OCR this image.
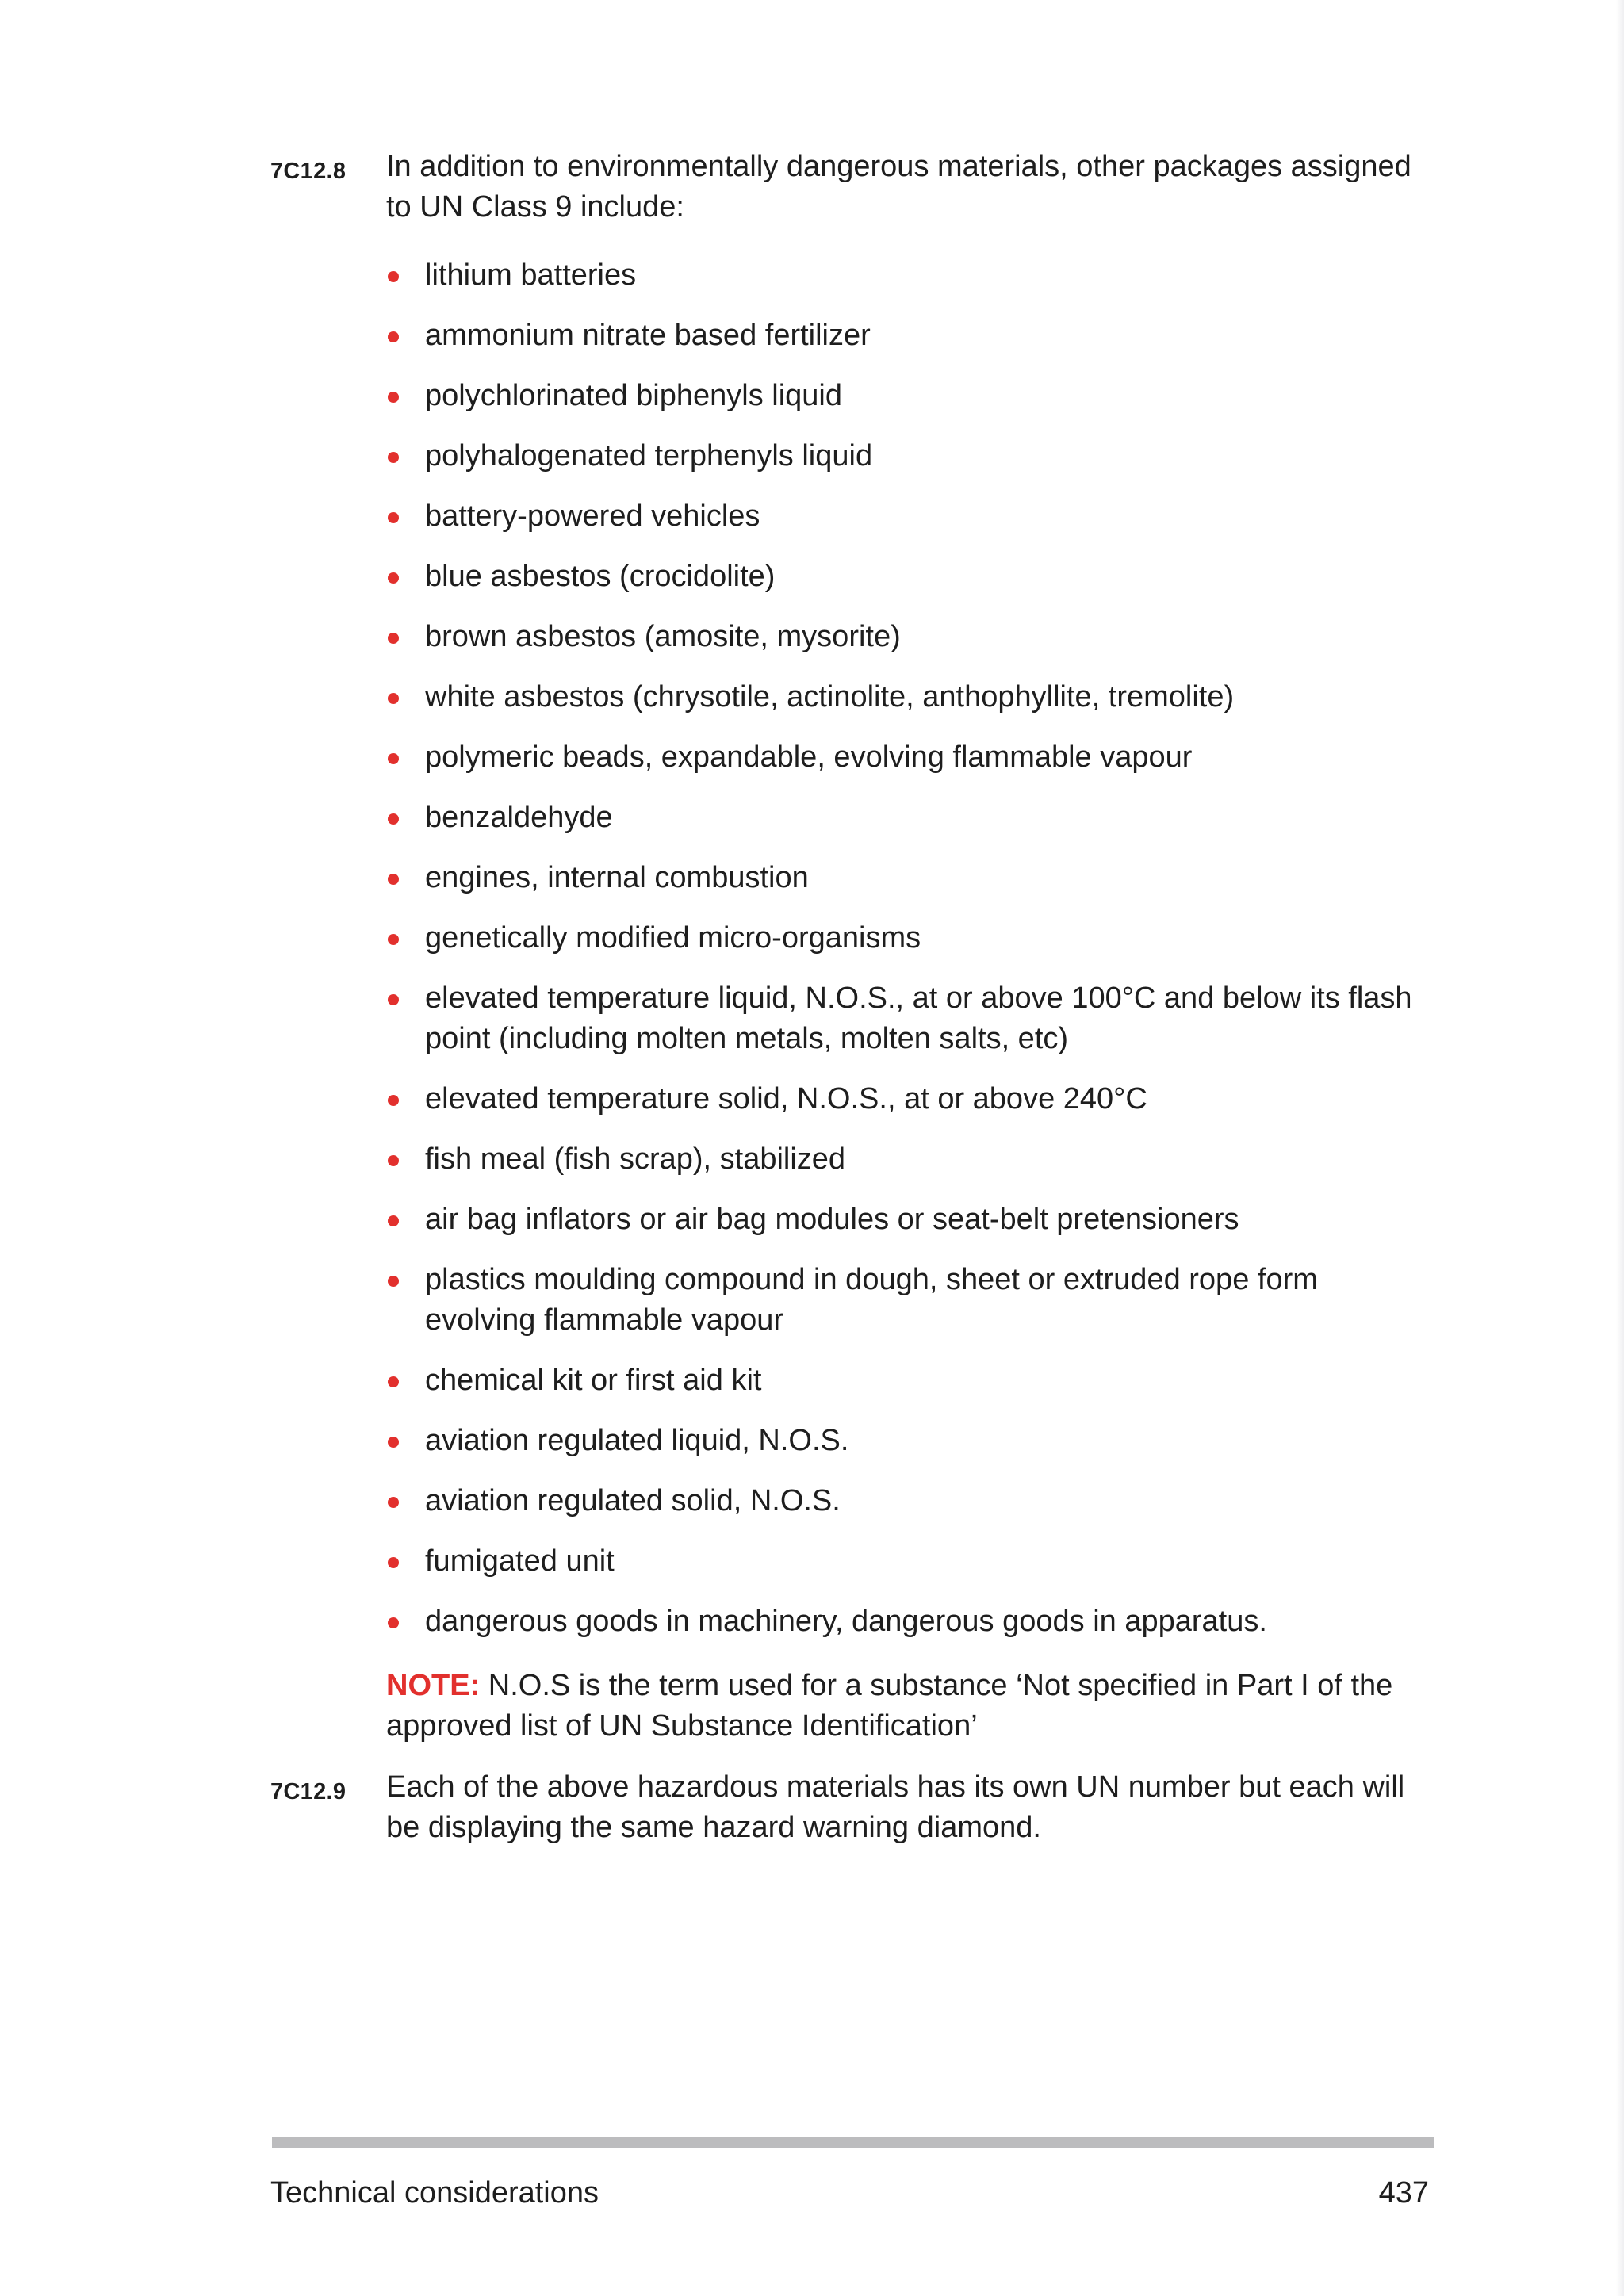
7C12.8 In addition to environmentally dangerous materials, other packages assigned to UN Class 9 include:
lithium batteries
ammonium nitrate based fertilizer
polychlorinated biphenyls liquid
polyhalogenated terphenyls liquid
battery-powered vehicles
blue asbestos (crocidolite)
brown asbestos (amosite, mysorite)
white asbestos (chrysotile, actinolite, anthophyllite, tremolite)
polymeric beads, expandable, evolving flammable vapour
benzaldehyde
engines, internal combustion
genetically modified micro-organisms
elevated temperature liquid, N.O.S., at or above 100°C and below its flash point (including molten metals, molten salts, etc)
elevated temperature solid, N.O.S., at or above 240°C
fish meal (fish scrap), stabilized
air bag inflators or air bag modules or seat-belt pretensioners
plastics moulding compound in dough, sheet or extruded rope form evolving flammable vapour
chemical kit or first aid kit
aviation regulated liquid, N.O.S.
aviation regulated solid, N.O.S.
fumigated unit
dangerous goods in machinery, dangerous goods in apparatus.
NOTE: N.O.S is the term used for a substance ‘Not specified in Part I of the approved list of UN Substance Identification’
7C12.9 Each of the above hazardous materials has its own UN number but each will be displaying the same hazard warning diamond.
Technical considerations	437
